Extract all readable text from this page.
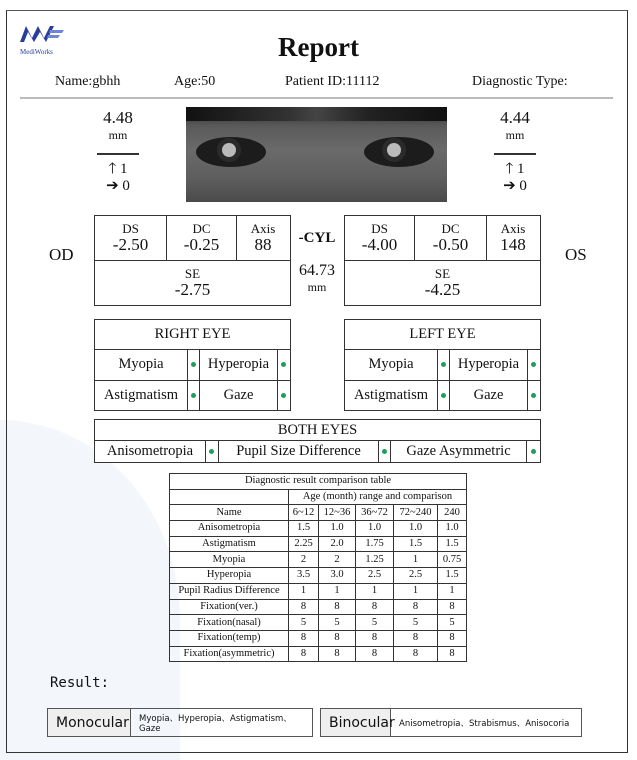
MediWorks	Report
Name:gbhh	Age:50	Patient ID:11112	Diagnostic Type:
4.48
mm
🡑 1
➔ 0
4.44
mm
🡑 1
➔ 0
OD	OS
DS
-2.50
DC
-0.25
Axis
88
SE
-2.75
-CYL
64.73
mm
DS
-4.00
DC
-0.50
Axis
148
SE
-4.25
RIGHT EYE
Myopia	Hyperopia
Astigmatism	Gaze
LEFT EYE
Myopia	Hyperopia
Astigmatism	Gaze
BOTH EYES
Anisometropia	Pupil Size Difference	Gaze Asymmetric
Diagnostic result comparison table					
	Age (month) range and comparison				
Name	6~12	12~36	36~72	72~240	240
Anisometropia	1.5	1.0	1.0	1.0	1.0
Astigmatism	2.25	2.0	1.75	1.5	1.5
Myopia	2	2	1.25	1	0.75
Hyperopia	3.5	3.0	2.5	2.5	1.5
Pupil Radius Difference	1	1	1	1	1
Fixation(ver.)	8	8	8	8	8
Fixation(nasal)	5	5	5	5	5
Fixation(temp)	8	8	8	8	8
Fixation(asymmetric)	8	8	8	8	8
Result:
Monocular	Myopia、Hyperopia、Astigmatism、Gaze	Binocular Anisometropia、Strabismus、Anisocoria
